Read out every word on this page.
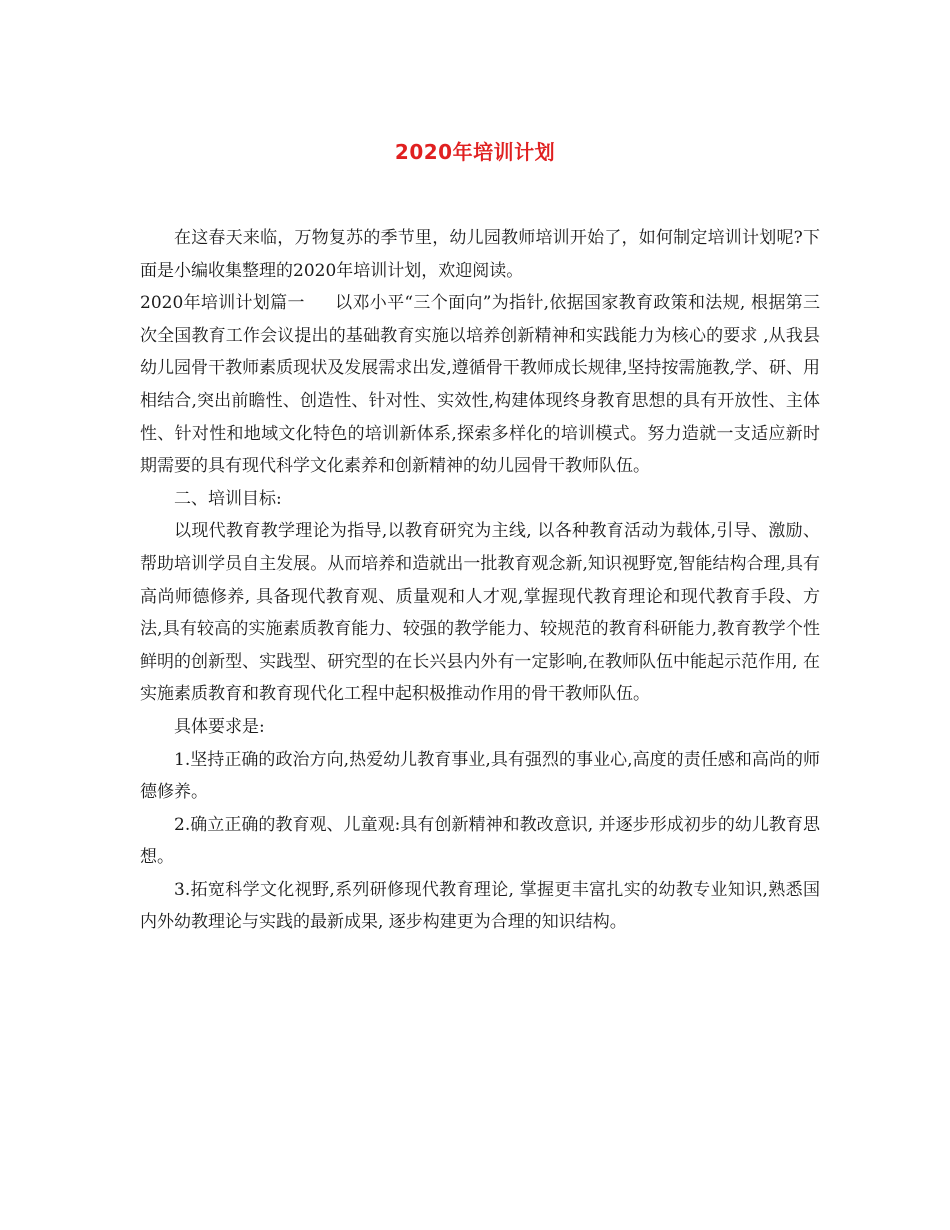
2020年培训计划

在这春天来临，万物复苏的季节里，幼儿园教师培训开始了，如何制定培训计划呢?下面是小编收集整理的2020年培训计划，欢迎阅读。

2020年培训计划篇一 以邓小平“三个面向”为指针,依据国家教育政策和法规, 根据第三次全国教育工作会议提出的基础教育实施以培养创新精神和实践能力为核心的要求 ,从我县幼儿园骨干教师素质现状及发展需求出发,遵循骨干教师成长规律,坚持按需施教,学、研、用相结合,突出前瞻性、创造性、针对性、实效性,构建体现终身教育思想的具有开放性、主体性、针对性和地域文化特色的培训新体系,探索多样化的培训模式。努力造就一支适应新时期需要的具有现代科学文化素养和创新精神的幼儿园骨干教师队伍。

二、培训目标:

以现代教育教学理论为指导,以教育研究为主线, 以各种教育活动为载体,引导、激励、帮助培训学员自主发展。从而培养和造就出一批教育观念新,知识视野宽,智能结构合理,具有高尚师德修养, 具备现代教育观、质量观和人才观,掌握现代教育理论和现代教育手段、方法,具有较高的实施素质教育能力、较强的教学能力、较规范的教育科研能力,教育教学个性鲜明的创新型、实践型、研究型的在长兴县内外有一定影响,在教师队伍中能起示范作用, 在实施素质教育和教育现代化工程中起积极推动作用的骨干教师队伍。

具体要求是:

1.坚持正确的政治方向,热爱幼儿教育事业,具有强烈的事业心,高度的责任感和高尚的师德修养。

2.确立正确的教育观、儿童观:具有创新精神和教改意识, 并逐步形成初步的幼儿教育思想。

3.拓宽科学文化视野,系列研修现代教育理论, 掌握更丰富扎实的幼教专业知识,熟悉国内外幼教理论与实践的最新成果, 逐步构建更为合理的知识结构。
